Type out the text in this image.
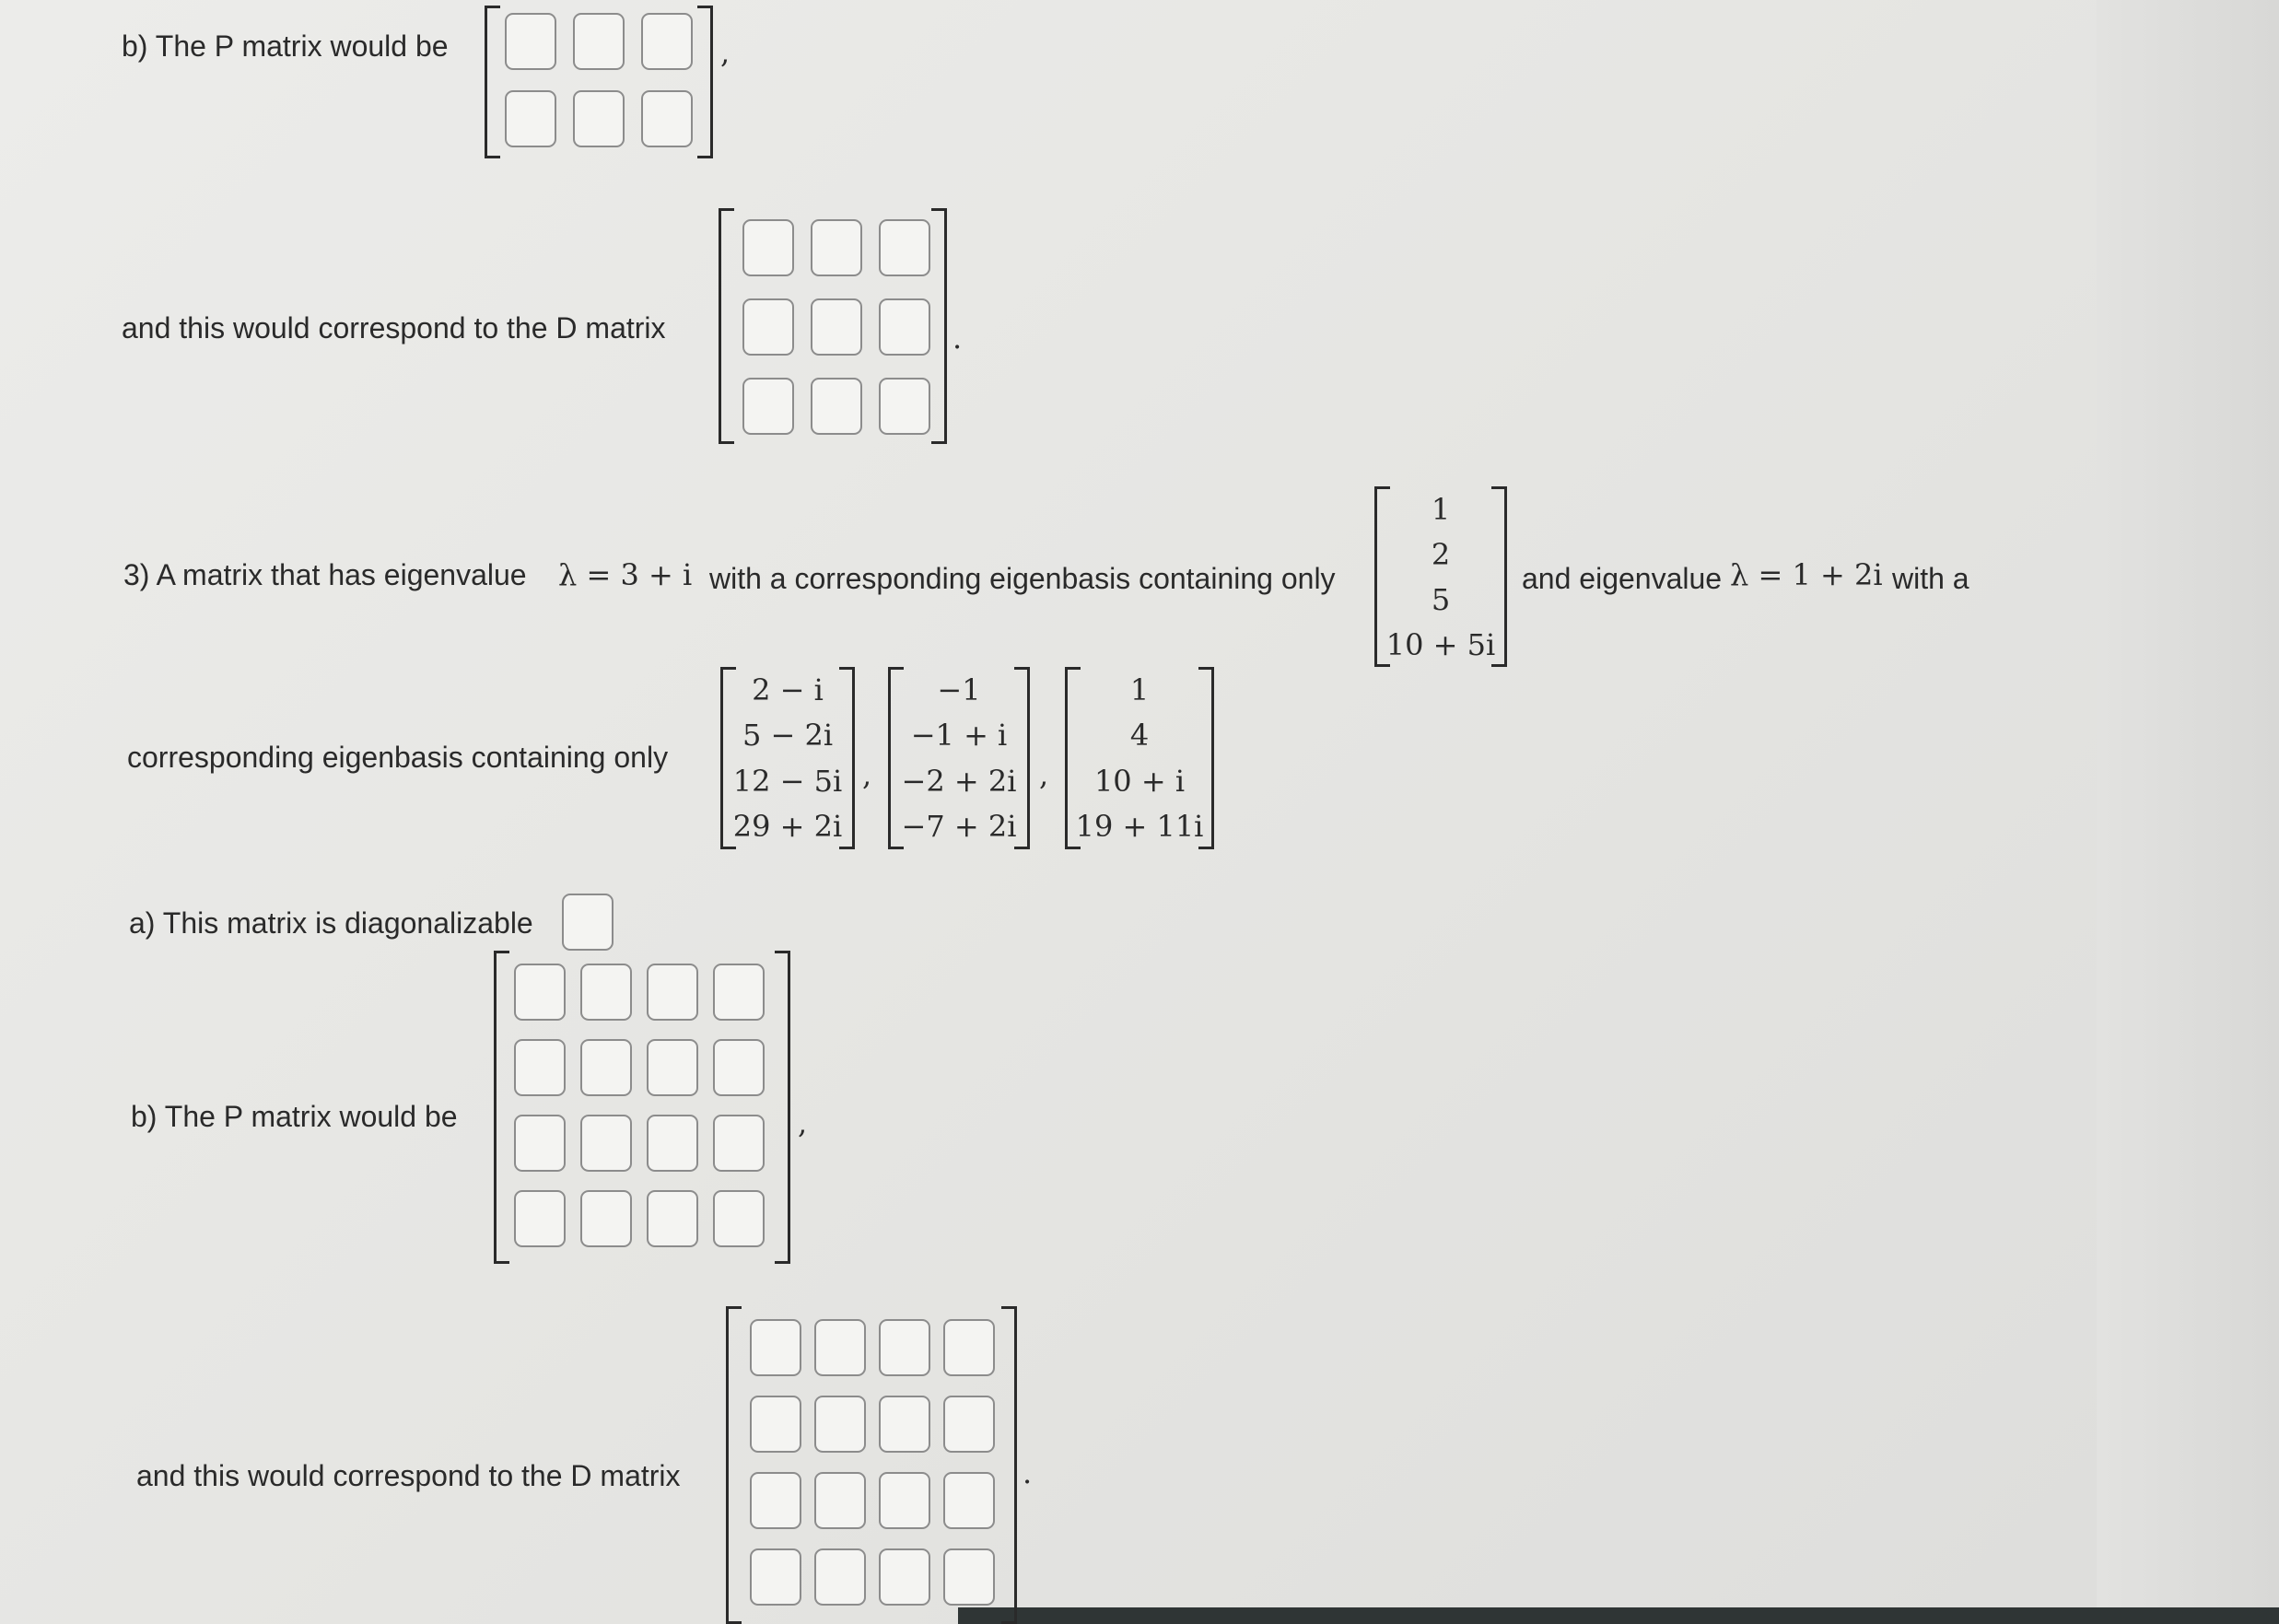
b) The P matrix would be	,
and this would correspond to the D matrix	.
3) A matrix that has eigenvalue λ = 3 + i with a corresponding eigenbasis containing only
1
2
5
10 + 5i
and eigenvalue λ = 1 + 2i with a
corresponding eigenbasis containing only
2 − i
5 − 2i
12 − 5i
29 + 2i
,
−1
−1 + i
−2 + 2i
−7 + 2i
,
1
4
10 + i
19 + 11i
a) This matrix is diagonalizable
b) The P matrix would be	,
and this would correspond to the D matrix	.
